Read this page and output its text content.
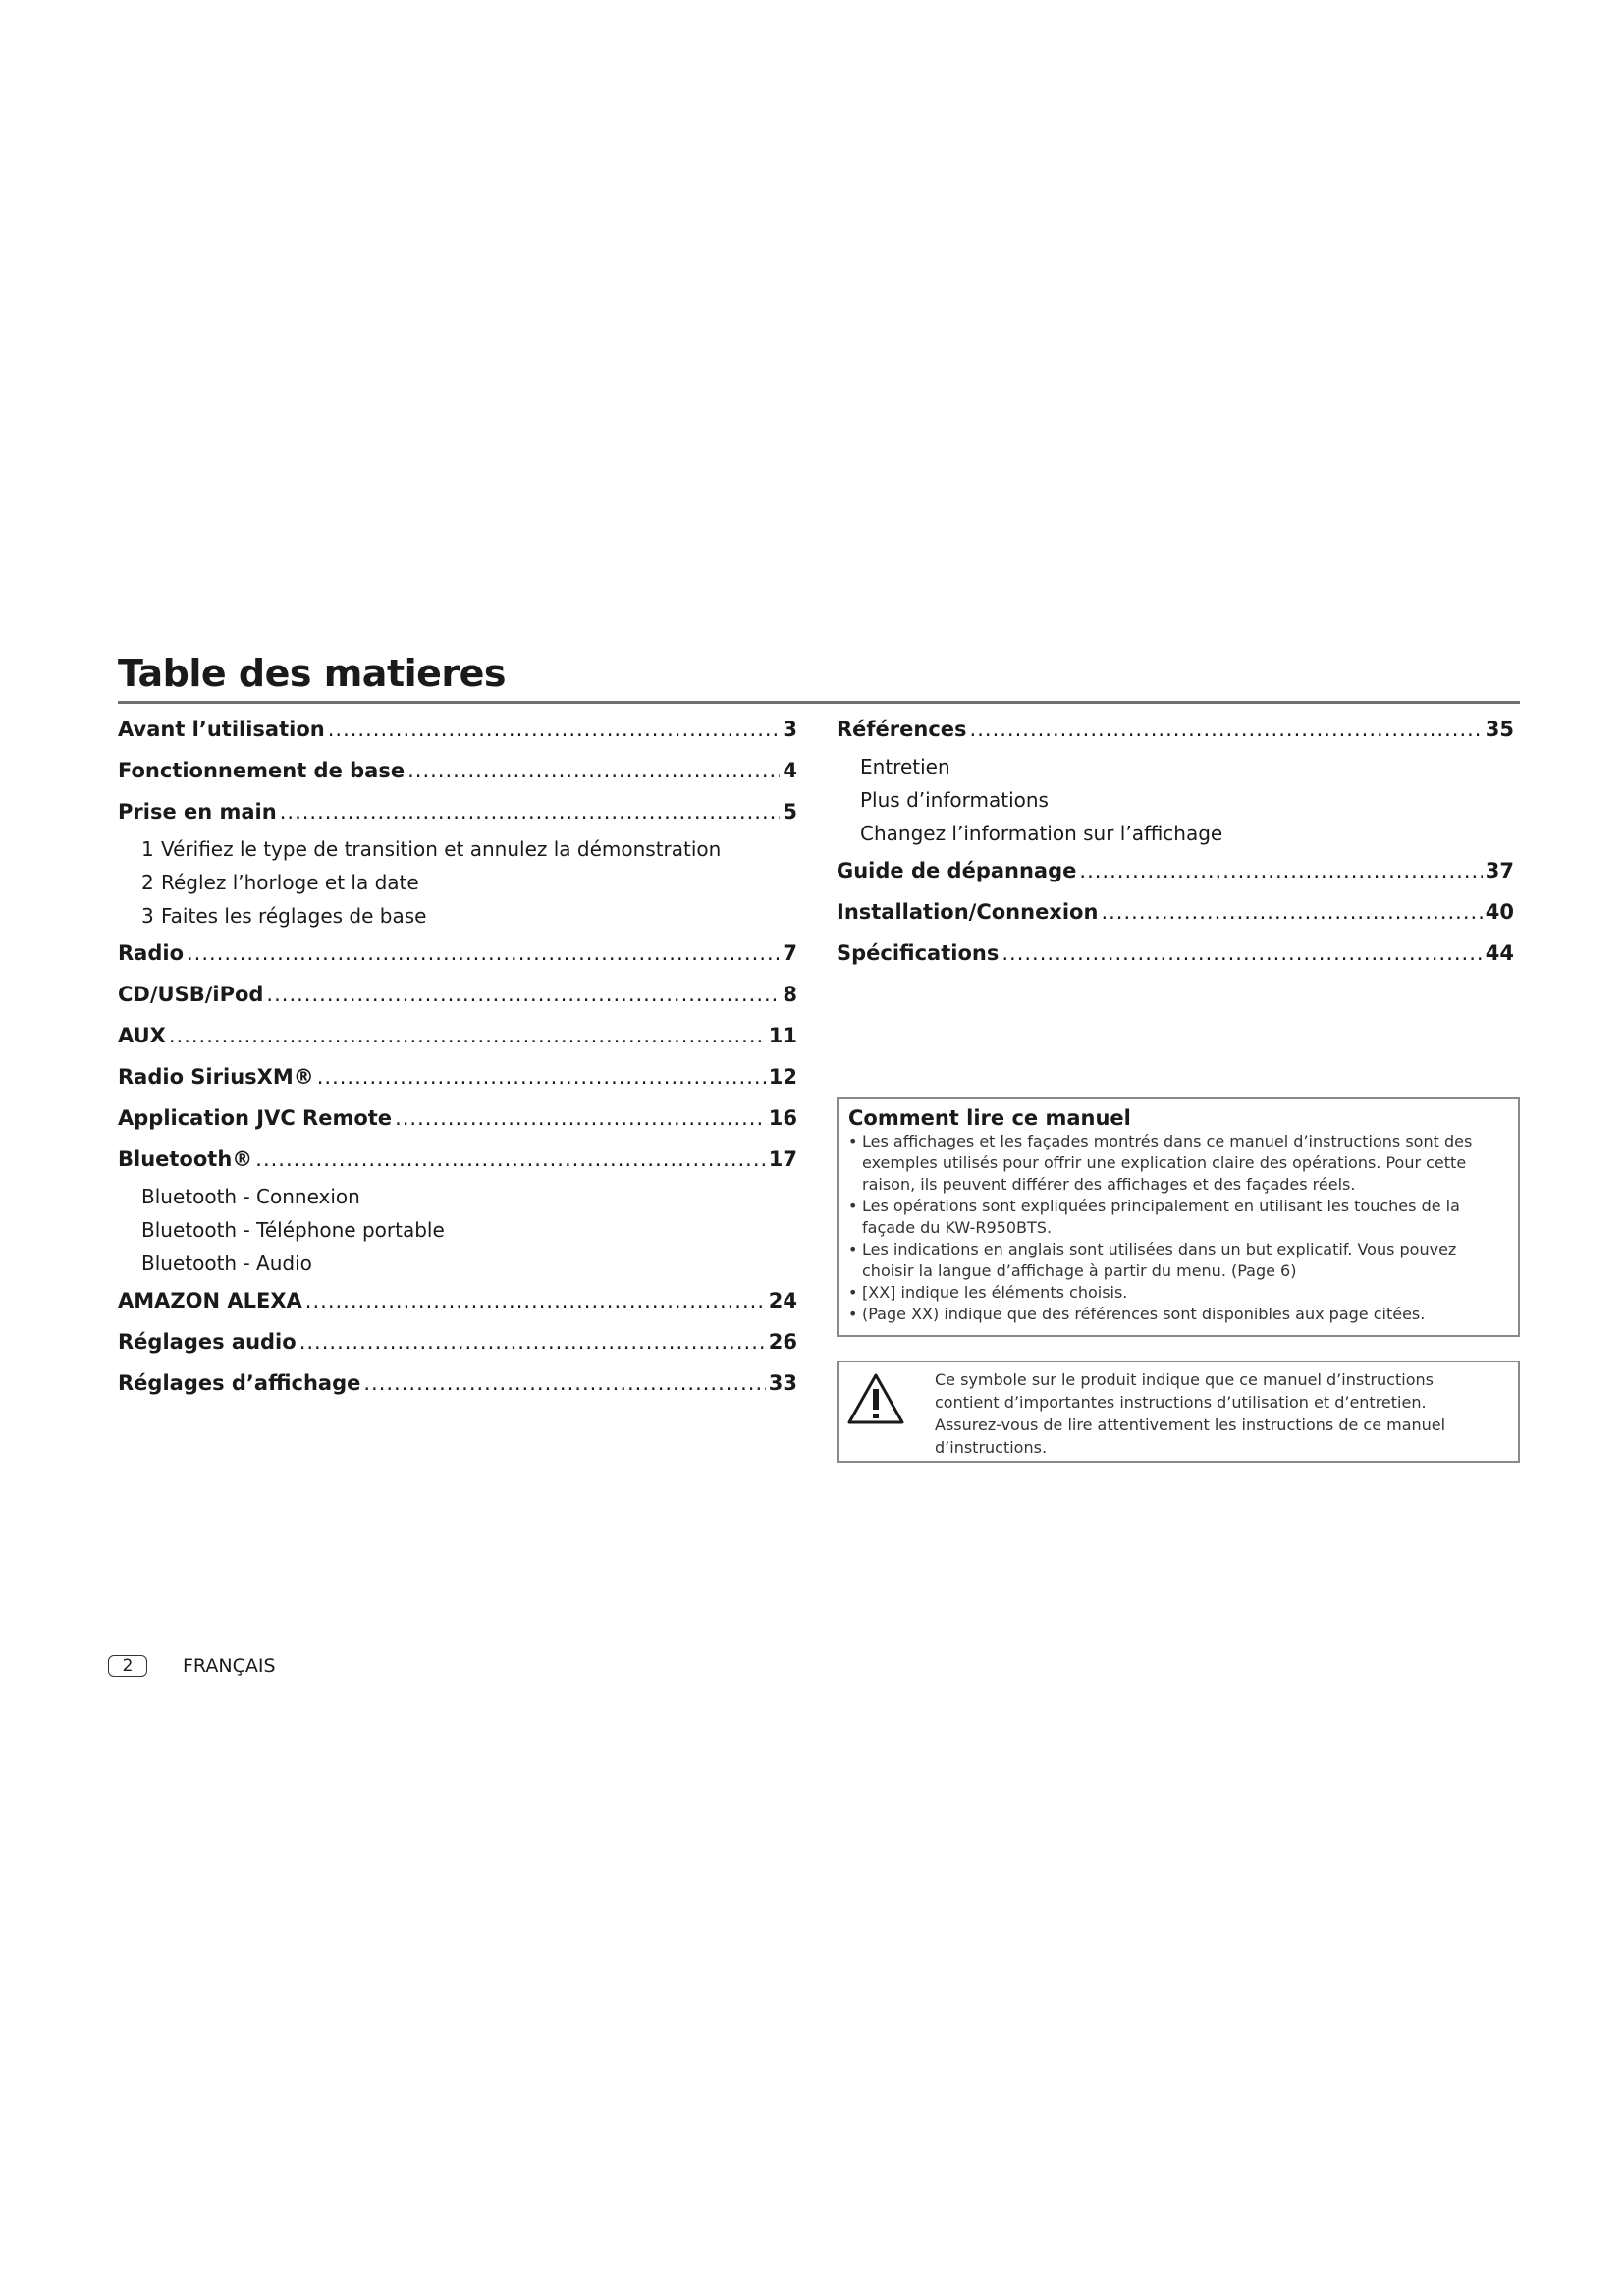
Table des matieres
Avant l’utilisation .....	3
Fonctionnement de base .....	4
Prise en main .....	5
1 Vérifiez le type de transition et annulez la démonstration
2 Réglez l’horloge et la date
3 Faites les réglages de base
Radio .....	7
CD/USB/iPod .....	8
AUX .....	11
Radio SiriusXM® .....	12
Application JVC Remote .....	16
Bluetooth® .....	17
Bluetooth - Connexion
Bluetooth - Téléphone portable
Bluetooth - Audio
AMAZON ALEXA .....	24
Réglages audio .....	26
Réglages d’affichage .....	33
Références .....	35
Entretien
Plus d’informations
Changez l’information sur l’affichage
Guide de dépannage .....	37
Installation/Connexion .....	40
Spécifications .....	44
Comment lire ce manuel
• Les affichages et les façades montrés dans ce manuel d’instructions sont des exemples utilisés pour offrir une explication claire des opérations. Pour cette raison, ils peuvent différer des affichages et des façades réels.
• Les opérations sont expliquées principalement en utilisant les touches de la façade du KW-R950BTS.
• Les indications en anglais sont utilisées dans un but explicatif. Vous pouvez choisir la langue d’affichage à partir du menu. (Page 6)
• [XX] indique les éléments choisis.
• (Page XX) indique que des références sont disponibles aux page citées.

Ce symbole sur le produit indique que ce manuel d’instructions contient d’importantes instructions d’utilisation et d’entretien. Assurez-vous de lire attentivement les instructions de ce manuel d’instructions.

2	FRANÇAIS
